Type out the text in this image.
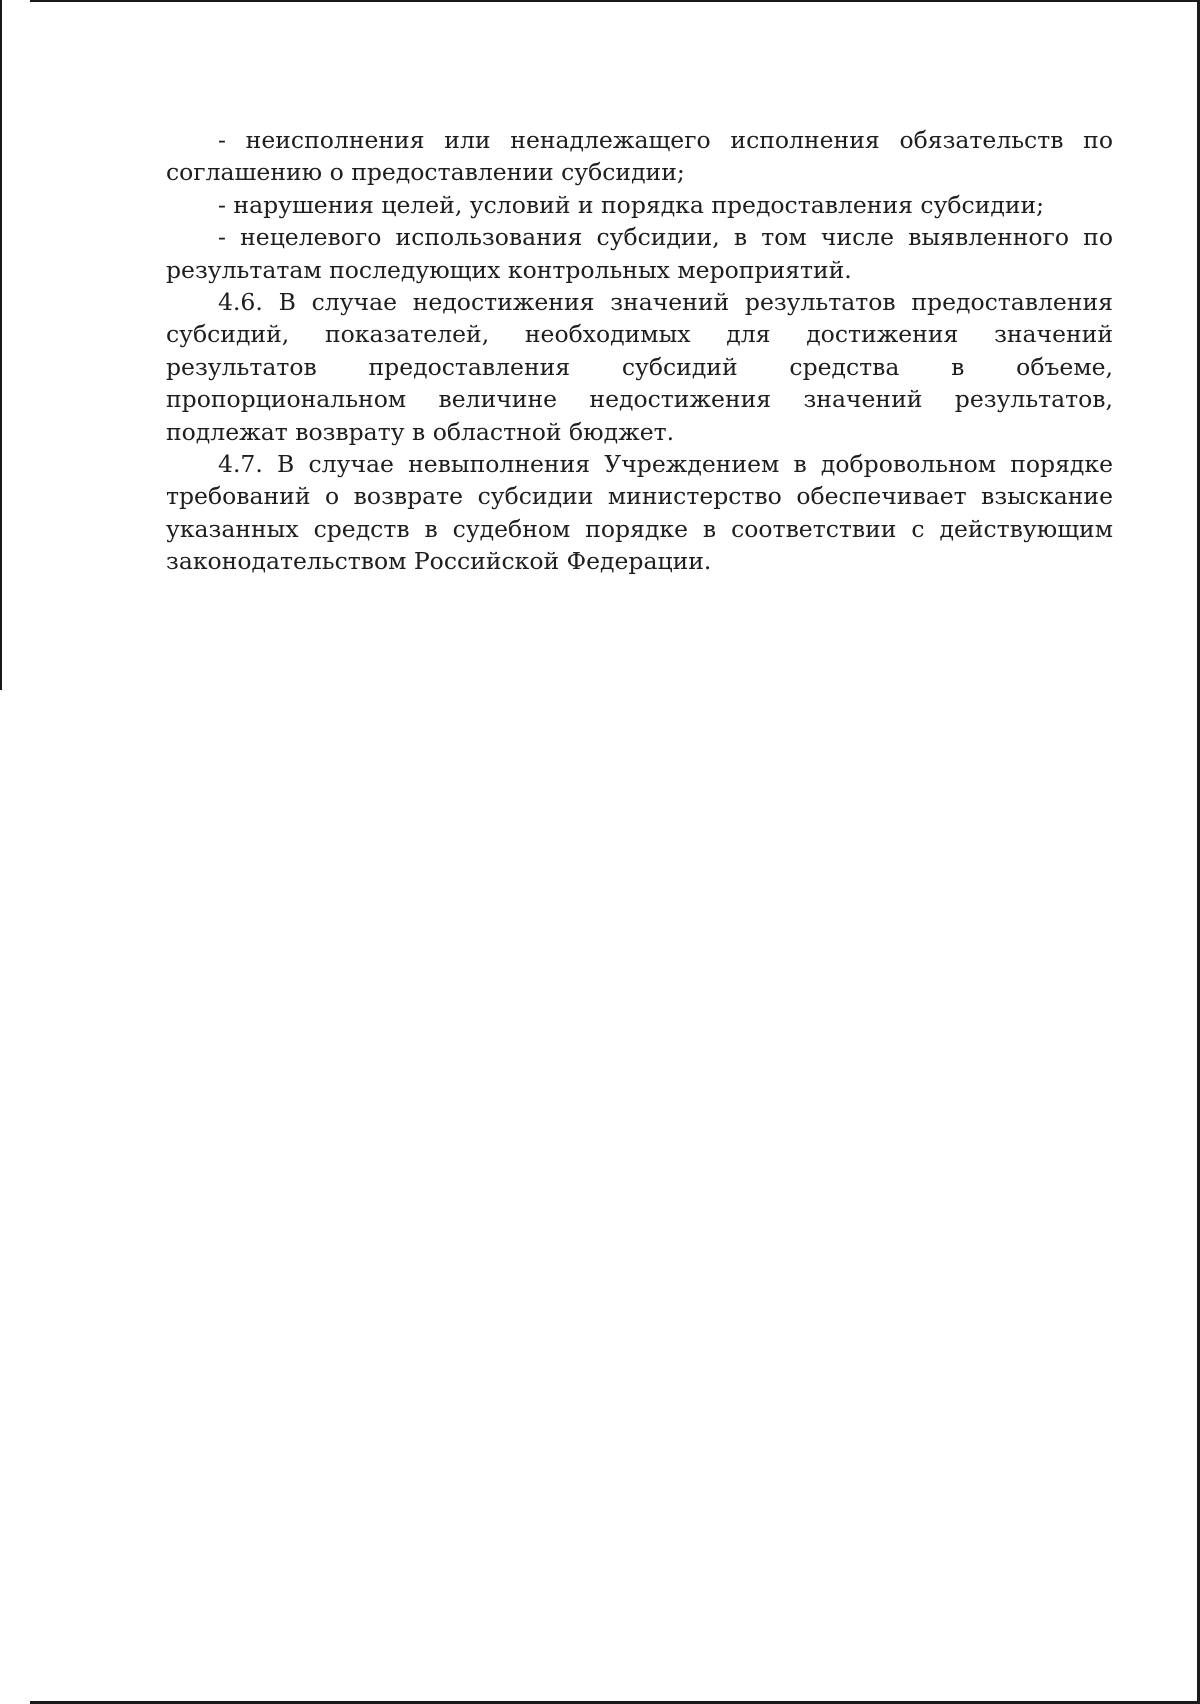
- неисполнения или ненадлежащего исполнения обязательств по соглашению о предоставлении субсидии;

- нарушения целей, условий и порядка предоставления субсидии;

- нецелевого использования субсидии, в том числе выявленного по результатам последующих контрольных мероприятий.

4.6. В случае недостижения значений результатов предоставления субсидий, показателей, необходимых для достижения значений результатов предоставления субсидий средства в объеме, пропорциональном величине недостижения значений результатов, подлежат возврату в областной бюджет.

4.7. В случае невыполнения Учреждением в добровольном порядке требований о возврате субсидии министерство обеспечивает взыскание указанных средств в судебном порядке в соответствии с действующим законодательством Российской Федерации.
